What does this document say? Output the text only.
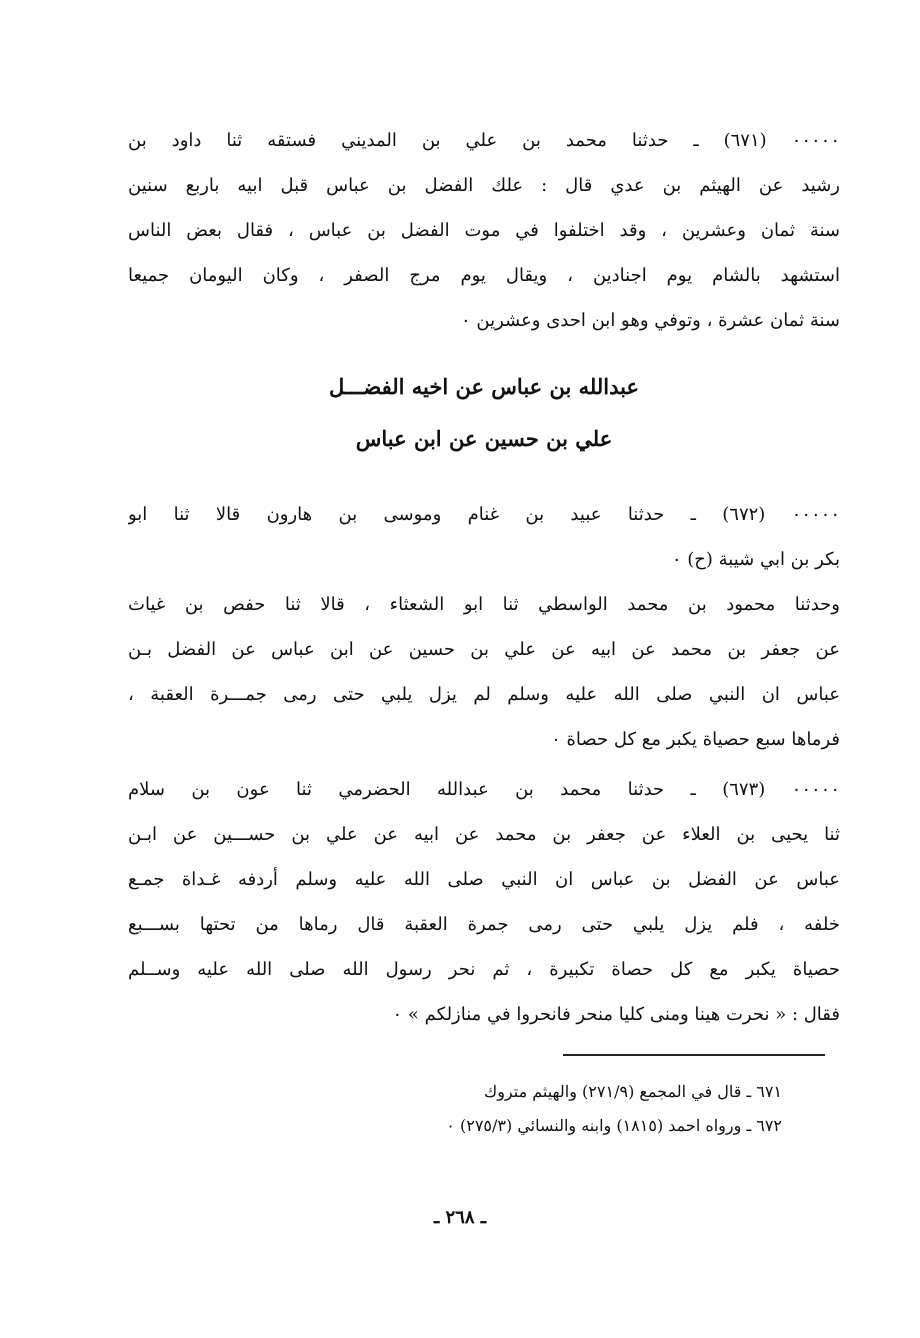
٠٠٠٠٠ (٦٧١) ـ حدثنا محمد بن علي بن المديني فستقه ثنا داود بن
رشيد عن الهيثم بن عدي قال : علك الفضل بن عباس قبل ابيه باربع سنين
سنة ثمان وعشرين ، وقد اختلفوا في موت الفضل بن عباس ، فقال بعض الناس
استشهد بالشام يوم اجنادين ، ويقال يوم مرج الصفر ، وكان اليومان جميعا
سنة ثمان عشرة ، وتوفي وهو ابن احدى وعشرين ٠
عبدالله بن عباس عن اخيه الفضـــل
علي بن حسين عن ابن عباس
٠٠٠٠٠ (٦٧٢) ـ حدثنا عبيد بن غنام وموسى بن هارون قالا ثنا ابو
بكر بن ابي شيبة (ح) ٠
وحدثنا محمود بن محمد الواسطي ثنا ابو الشعثاء ، قالا ثنا حفص بن غياث
عن جعفر بن محمد عن ابيه عن علي بن حسين عن ابن عباس عن الفضل بـن
عباس ان النبي صلى الله عليه وسلم لم يزل يلبي حتى رمى جمـــرة العقبة ،
فرماها سبع حصياة يكبر مع كل حصاة ٠
٠٠٠٠٠ (٦٧٣) ـ حدثنا محمد بن عبدالله الحضرمي ثنا عون بن سلام
ثنا يحيى بن العلاء عن جعفر بن محمد عن ابيه عن علي بن حســـين عن ابـن
عباس عن الفضل بن عباس ان النبي صلى الله عليه وسلم أردفه غـداة جمـع
خلفه ، فلم يزل يلبي حتى رمى جمرة العقبة قال رماها من تحتها بســـبع
حصياة يكبر مع كل حصاة تكبيرة ، ثم نحر رسول الله صلى الله عليه وســلم
فقال : « نحرت هينا ومنى كليا منحر فانحروا في منازلكم » ٠
٦٧١ ـ قال في المجمع (٢٧١/٩) والهيثم متروك
٦٧٢ ـ ورواه احمد (١٨١٥) وابنه والنسائي (٢٧٥/٣) ٠
ـ ٢٦٨ ـ
